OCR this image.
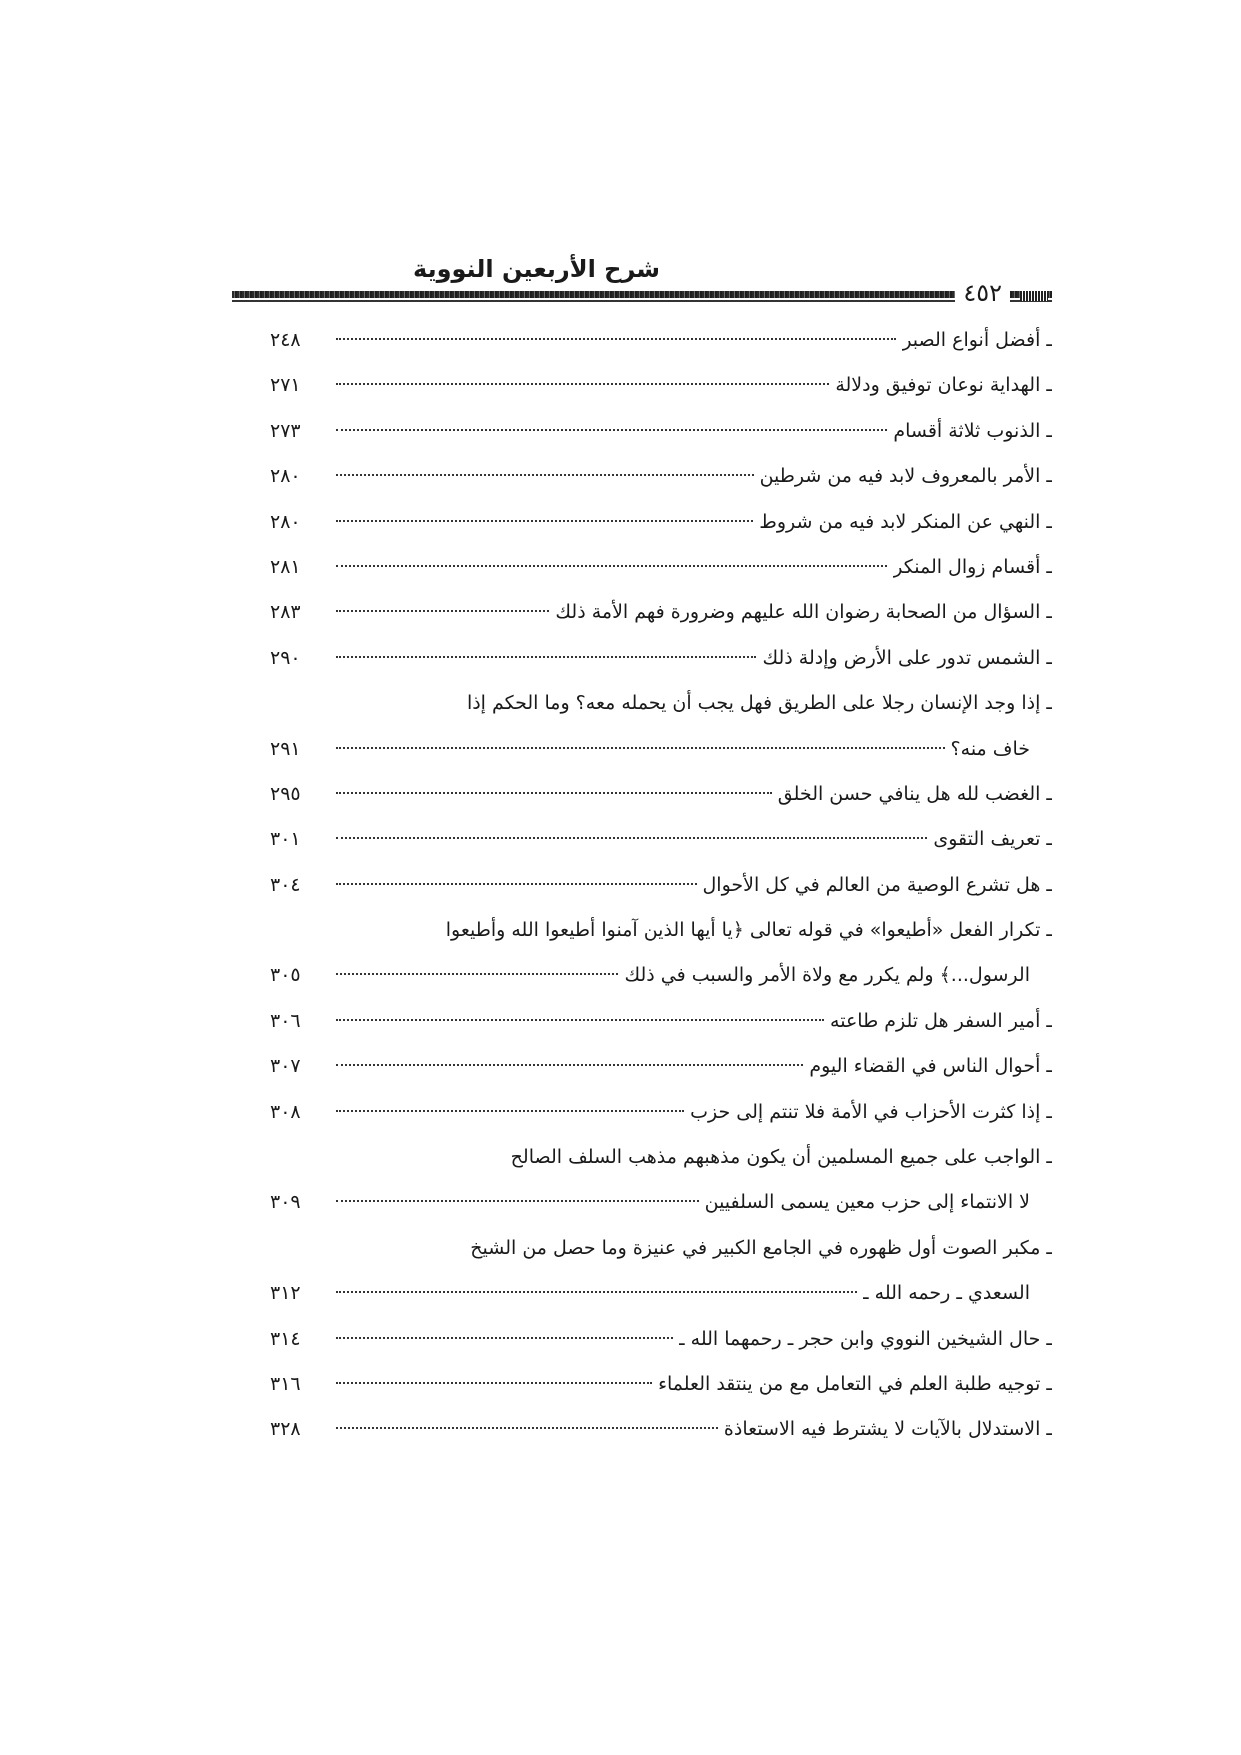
شرح الأربعين النووية
٤٥٢
ـ أفضل أنواع الصبر
٢٤٨
ـ الهداية نوعان توفيق ودلالة
٢٧١
ـ الذنوب ثلاثة أقسام
٢٧٣
ـ الأمر بالمعروف لابد فيه من شرطين
٢٨٠
ـ النهي عن المنكر لابد فيه من شروط
٢٨٠
ـ أقسام زوال المنكر
٢٨١
ـ السؤال من الصحابة رضوان الله عليهم وضرورة فهم الأمة ذلك
٢٨٣
ـ الشمس تدور على الأرض وإدلة ذلك
٢٩٠
ـ إذا وجد الإنسان رجلا على الطريق فهل يجب أن يحمله معه؟ وما الحكم إذا
خاف منه؟
٢٩١
ـ الغضب لله هل ينافي حسن الخلق
٢٩٥
ـ تعريف التقوى
٣٠١
ـ هل تشرع الوصية من العالم في كل الأحوال
٣٠٤
ـ تكرار الفعل «أطيعوا» في قوله تعالى ﴿يا أيها الذين آمنوا أطيعوا الله وأطيعوا
الرسول...﴾ ولم يكرر مع ولاة الأمر والسبب في ذلك
٣٠٥
ـ أمير السفر هل تلزم طاعته
٣٠٦
ـ أحوال الناس في القضاء اليوم
٣٠٧
ـ إذا كثرت الأحزاب في الأمة فلا تنتم إلى حزب
٣٠٨
ـ الواجب على جميع المسلمين أن يكون مذهبهم مذهب السلف الصالح
لا الانتماء إلى حزب معين يسمى السلفيين
٣٠٩
ـ مكبر الصوت أول ظهوره في الجامع الكبير في عنيزة وما حصل من الشيخ
السعدي ـ رحمه الله ـ
٣١٢
ـ حال الشيخين النووي وابن حجر ـ رحمهما الله ـ
٣١٤
ـ توجيه طلبة العلم في التعامل مع من ينتقد العلماء
٣١٦
ـ الاستدلال بالآيات لا يشترط فيه الاستعاذة
٣٢٨
